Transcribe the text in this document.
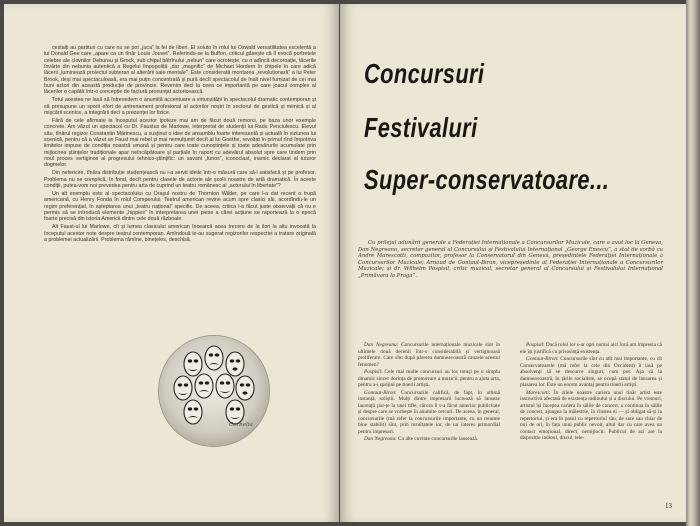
cestalți au partituri cu care nu se pot „juca” la fel de liberi. El soluto în rolul lui Oswald versatilitatea excelentă a lui Donald Gee care „apare ca un tînăr Louis Jouvet”. Referindu-se la Buffon, criticul găsește că îl evocă portretele celebre ale clovnilor Deburau și Grock, sub chipul bătrînului „nebun” care ocrotește, cu o adîncă decoroație, tăcerile învârte din nebunia autentică a Regelui împopoliță „dar „magnific” de Michael Hordern în chipele în care adică lăcerii „luminează proiectul subteran al alterării sale mentale”. Este considerată montarea „revoluționară” a lui Peter Brook, deși mai spectaculoasă, era mai puțin concentrată și pură decît spectacolul de înalt nivel furnizat de cei mai buni actori din această producție de provincie. Revenim deci la ceea ce importantă pe care joacul complex al lăcerilor o capătă într-o concepție de factură pronunțat actoricească.

Totul acestea ne lasă să întrevedem o anumită accentuare a virtuozității în spectacolul dramatic contemporan și să presupune un sporit efort de antrenament profesional al actorilor noștri în sectorul de gestică și mimică și al mișcării scenice, a integrării deci a prezenței lor fizice.

Fără de cele afirmate la începutul acestor ipoteze mai am de făcut două remorci, pe baza unor exemple concrete. Am văzut un spectacol cu Dr. Faustus de Marlowe, interpretat de studenții lui Radu Penciulescu. Elevul său, tînărul regizor Constantin Mărinescu, a susținut o idee de ansamblu foarte interesantă și actuală în viziunea lui scenică, pentru că a văzut un Faust mai rebel și mai nemulțumit decît al lui Goethe, revoltat în primul rînd împotriva limitelor impuse de condiția noastră umană și pentru care toate cunoștințele și toate adevărurile acumulate prin mijlocirea științelor tradiționale apar neîncăpătoare și parțiale în raport cu adevărul absolut spre care tindem prin noul proces vertiginos al progresului tehnico-științific: un savant „furios”, iconoclast, inamic declarat al tuturor dogmelor.

Din nefericire, tînăra distribuție studențească nu i-a servit ideile într-o măsură care să-l satisfacă și pe profesor. Problema nu se complică, în fond, decît pentru clasele de actorie ale școlii noastre de artă dramatică. În aceste condiții, putea-vom noi prevedea pentru arta de cuprind un teatru românesc al „actorului în libertate”?

Un alt exemplu este al spectacolului cu Orașul nostru de Thornton Wilder, pe care l-a dat recent o trupă americană, cu Henry Fonda în rolul Comperului. Teatrul american revine acum spre clasici săi, acordîndu-le un regim preferențial, în așteptarea unui „teatru național” specific. De aceea, critica l-a făcut juste observații că nu e permis să se introducă elemente „hippies” în interpretarea unei piese a cărei acțiune se raportează la o epocă foarte precisă din istoria Americii dintre cele două războaie.

Alt Faust-ul lui Marlowe, cît și lumea clasicului american încearcă acea trecere de la ilori la altu invocată la începutul acestor note despre teatrul contemporan. Amîndouă le-au sugerat regizorilor respectivi a tratare originală a problemei actualizării. Problema rămîne, binețeles, deschisă.

Cornelia
Concursuri
Festivaluri
Super-conservatoare...
Cu prilejul adunării generale a Federației Internaționale a Concursurilor Muzicale, care a avut loc la Geneva, Dan Negreanu, secretar general al Concursului și Festivalului Internațional „George Enescu”, a stat de vorbă cu André Marescotti, compozitor, profesor la Conservatorul din Geneva, președintele Federației Internaționale a Concursurilor Muzicale; Arnaud de Gontaut-Biron, vicepreședinte al Federației Internaționale a Concursurilor Muzicale; și dr. Wilhelm Pospisil, critic muzical, secretar general al Concursului și Festivalului Internațional „Primăvara la Praga”.

Dan Negreanu: Concursurile internaționale muzicale sînt în ultimele două decenii într-o considerabilă și vertiginoasă proliferare. Care sînt după părerea dumneavoastră cauzele acestui fenomen?

Pospisil: Cele mai multe concursuri au loc totuși pe o simplu dinamic sincer dorința de promovare a muzicii, pentru a ajuta arta, pentru a-i sprijini pe tinerii artiști.

Gontaut-Biron: Concursurile califică, de fapt, în ultimă instanță, soliștii. Mulți dintre impresarii lucrează să lanseze laureații pur-țe la unei tifle, cărora li s-a făcut anterior publicitate și despre care se vorbește în anumite cercuri. De aceea, în general, concursurile (mă refer la concursurile importante, cu un renume bine stabilit) sînt, prin rezultatele lor, de un interes primordial pentru impresari.

Dan Negreanu: Cu alte cuvinte concursurile lansează.

Pospisil: Dacă rolul lor s-ar opri numai aici încă am impresia că ele își justifică cu prisosință existența.

Gontaut-Biron: Concursurile sînt cu atît mai importante, cu cît Conservatoarele (mă refer la cele din Occident) îi lasă pe absolvenți să se descurce singuri, cum pot. Așa că la dumneavoastră, în țările socialiste, se ocupă statul de lansarea și plasarea lor. Este un enorm avantaj pentru tinerii artiști.

Marescotti: În zilele noastre cariera unui tînăr artist este instructivă afectată de existența radioului și a discului. Pe vremuri, artistul își începea cariera în sălile de concert, o continua în sălile de concert, ajungea la măiestrie, în cinstea ei — și obligat să-și ia repertoriul, și era în pasul cu repertoriul său, de sute sau chiar de mii de ori, în fața unui public nevoit, altul dar cu care avea un contact emoțional, direct, nemijlocit. Publicul de azi are la dispoziție radioul, discul, tele-

13
